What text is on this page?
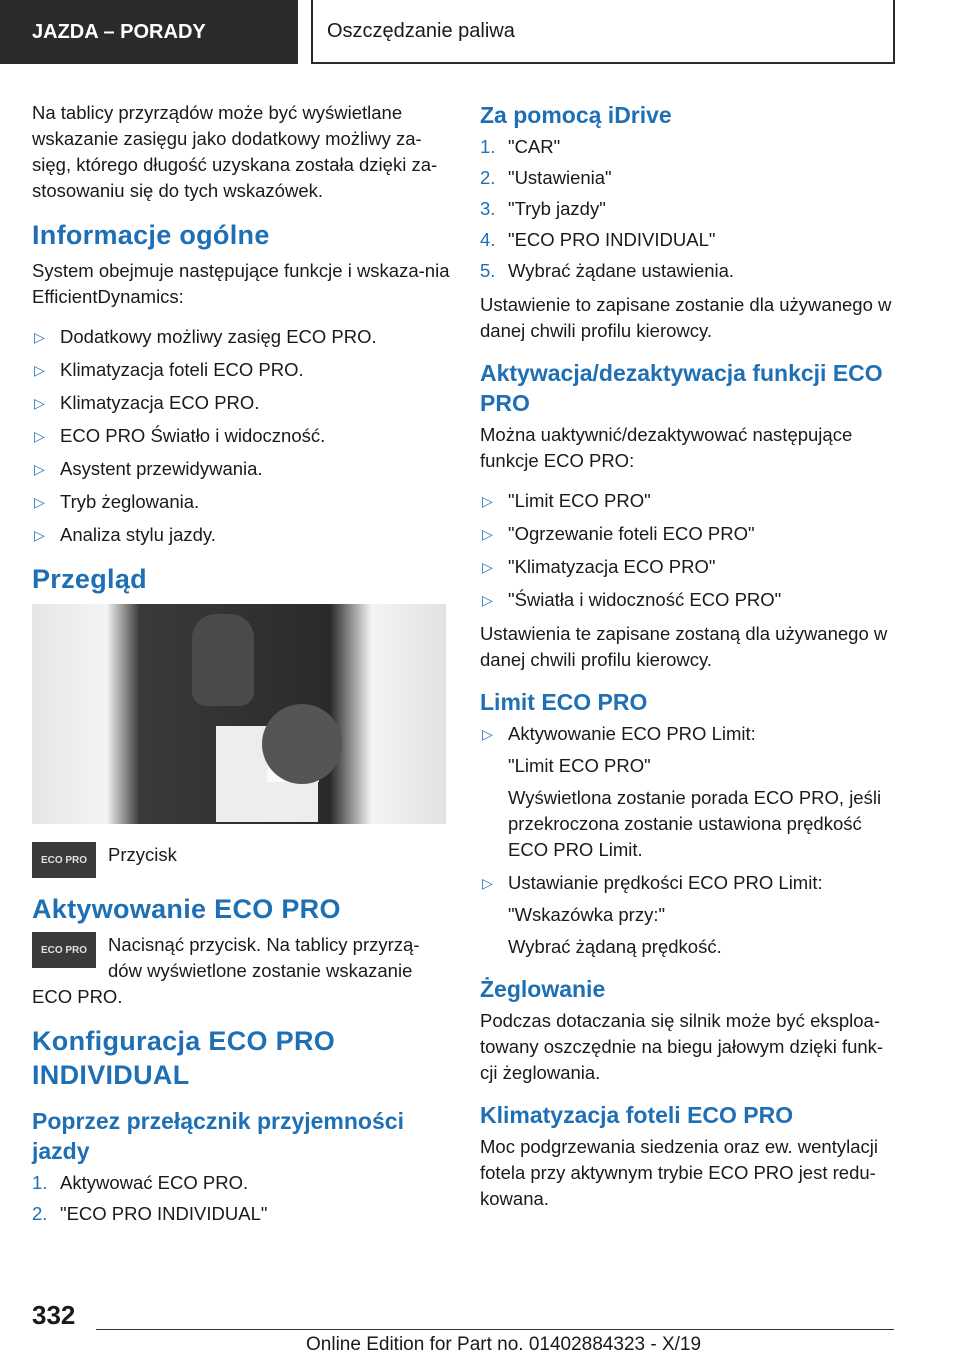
JAZDA – PORADY	Oszczędzanie paliwa

Na tablicy przyrządów może być wyświetlane wskazanie zasięgu jako dodatkowy możliwy za-sięg, którego długość uzyskana została dzięki za-stosowaniu się do tych wskazówek.

Informacje ogólne

System obejmuje następujące funkcje i wskaza-nia EfficientDynamics:

▷ Dodatkowy możliwy zasięg ECO PRO.
▷ Klimatyzacja foteli ECO PRO.
▷ Klimatyzacja ECO PRO.
▷ ECO PRO Światło i widoczność.
▷ Asystent przewidywania.
▷ Tryb żeglowania.
▷ Analiza stylu jazdy.
Przegląd
ECO PRO	Przycisk

Aktywowanie ECO PRO
ECO PRO	Nacisnąć przycisk. Na tablicy przyrzą-dów wyświetlone zostanie wskazanie

ECO PRO.

Konfiguracja ECO PRO INDIVIDUAL
Poprzez przełącznik przyjemności jazdy
1. Aktywować ECO PRO.
2. "ECO PRO INDIVIDUAL"
Za pomocą iDrive
1. "CAR"
2. "Ustawienia"
3. "Tryb jazdy"
4. "ECO PRO INDIVIDUAL"
5. Wybrać żądane ustawienia.

Ustawienie to zapisane zostanie dla używanego w danej chwili profilu kierowcy.

Aktywacja/dezaktywacja funkcji ECO PRO

Można uaktywnić/dezaktywować następujące funkcje ECO PRO:

▷ "Limit ECO PRO"
▷ "Ogrzewanie foteli ECO PRO"
▷ "Klimatyzacja ECO PRO"
▷ "Światła i widoczność ECO PRO"

Ustawienia te zapisane zostaną dla używanego w danej chwili profilu kierowcy.

Limit ECO PRO
▷ Aktywowanie ECO PRO Limit:
"Limit ECO PRO"
Wyświetlona zostanie porada ECO PRO, jeśli przekroczona zostanie ustawiona prędkość ECO PRO Limit.
▷ Ustawianie prędkości ECO PRO Limit:
"Wskazówka przy:"
Wybrać żądaną prędkość.
Żeglowanie

Podczas dotaczania się silnik może być eksploa-towany oszczędnie na biegu jałowym dzięki funk-cji żeglowania.

Klimatyzacja foteli ECO PRO

Moc podgrzewania siedzenia oraz ew. wentylacji fotela przy aktywnym trybie ECO PRO jest redu-kowana.

332
Online Edition for Part no. 01402884323 - X/19
